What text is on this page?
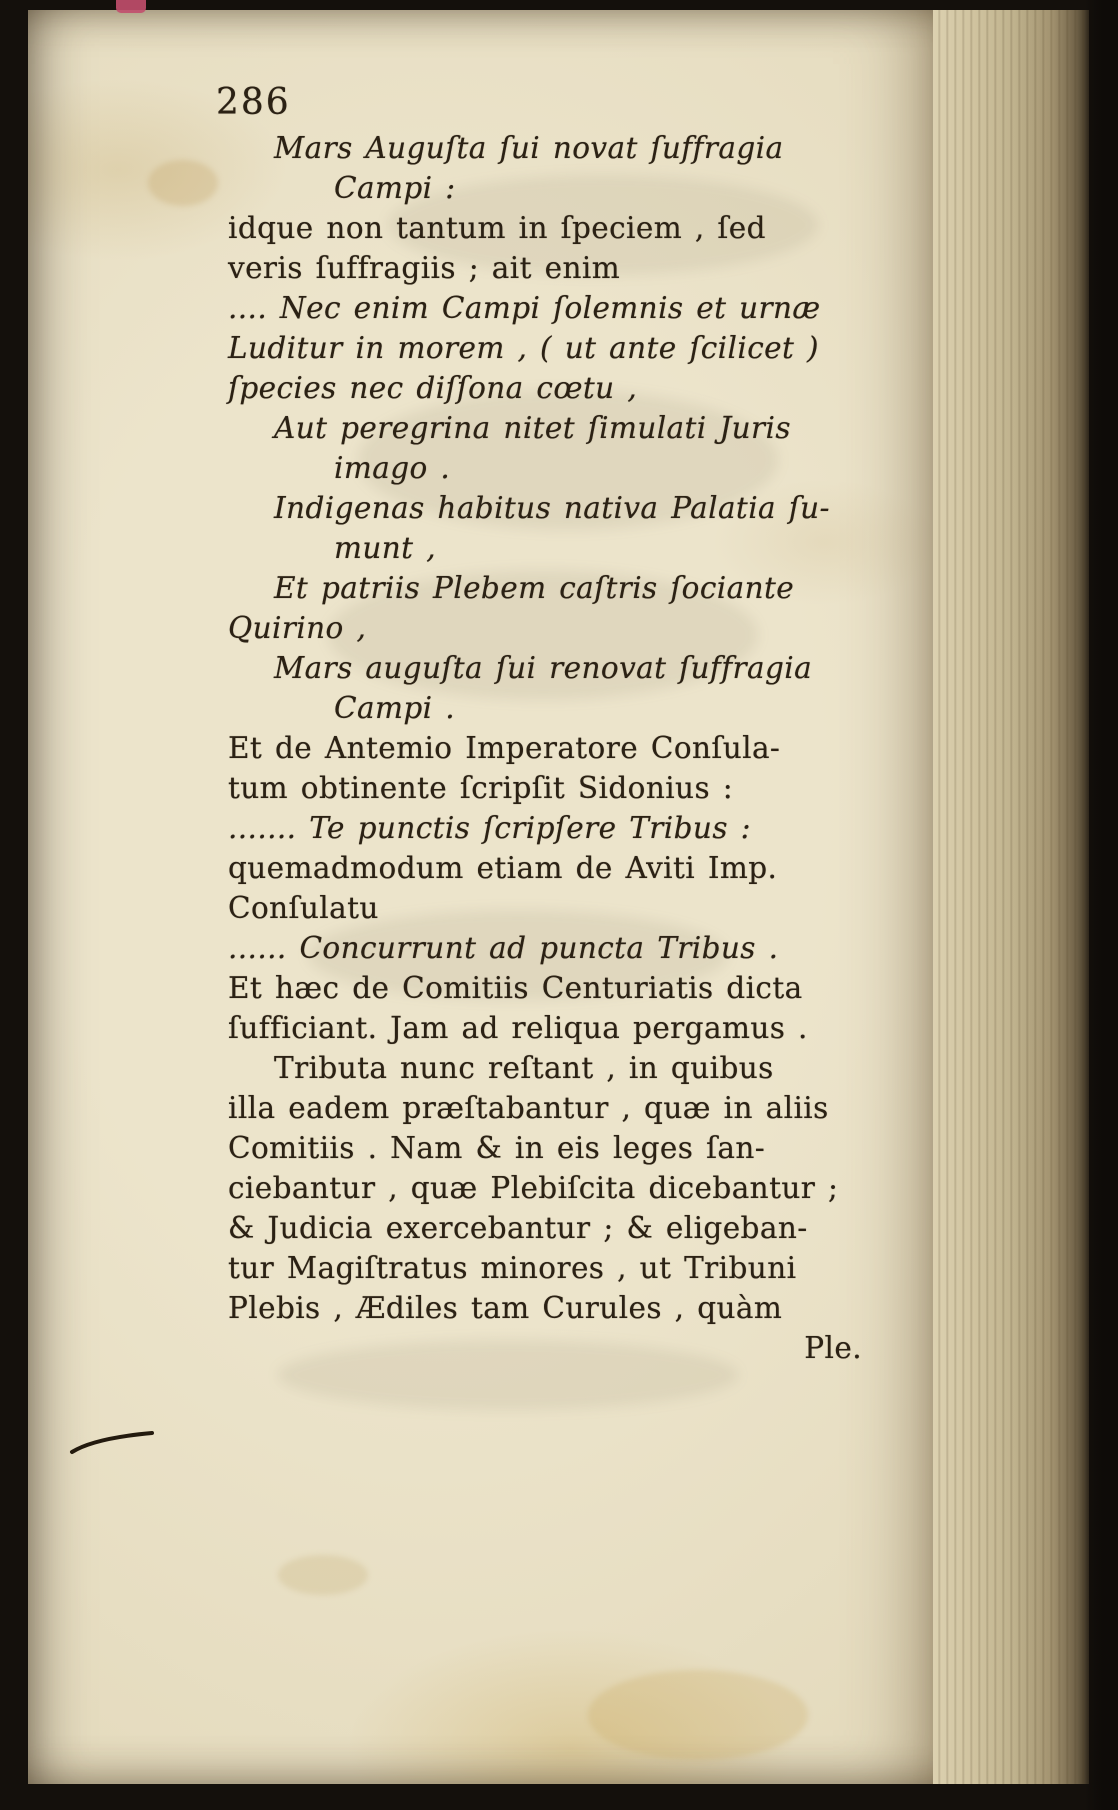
286
Mars Auguſta ſui novat ſuffragia
Campi :
idque non tantum in ſpeciem , ſed
veris ſuffragiis ; ait enim
.... Nec enim Campi ſolemnis et urnæ
Luditur in morem , ( ut ante ſcilicet )
ſpecies nec diſſona cœtu ,
Aut peregrina nitet ſimulati Juris
imago .
Indigenas habitus nativa Palatia ſu-
munt ,
Et patriis Plebem caſtris ſociante
Quirino ,
Mars auguſta ſui renovat ſuffragia
Campi .
Et de Antemio Imperatore Conſula-
tum obtinente ſcripſit Sidonius :
....... Te punctis ſcripſere Tribus :
quemadmodum etiam de Aviti Imp.
Conſulatu
...... Concurrunt ad puncta Tribus .
Et hæc de Comitiis Centuriatis dicta
ſufficiant. Jam ad reliqua pergamus .
Tributa nunc reſtant , in quibus
illa eadem præſtabantur , quæ in aliis
Comitiis . Nam & in eis leges ſan-
ciebantur , quæ Plebiſcita dicebantur ;
& Judicia exercebantur ; & eligeban-
tur Magiſtratus minores , ut Tribuni
Plebis , Ædiles tam Curules , quàm
Ple.
